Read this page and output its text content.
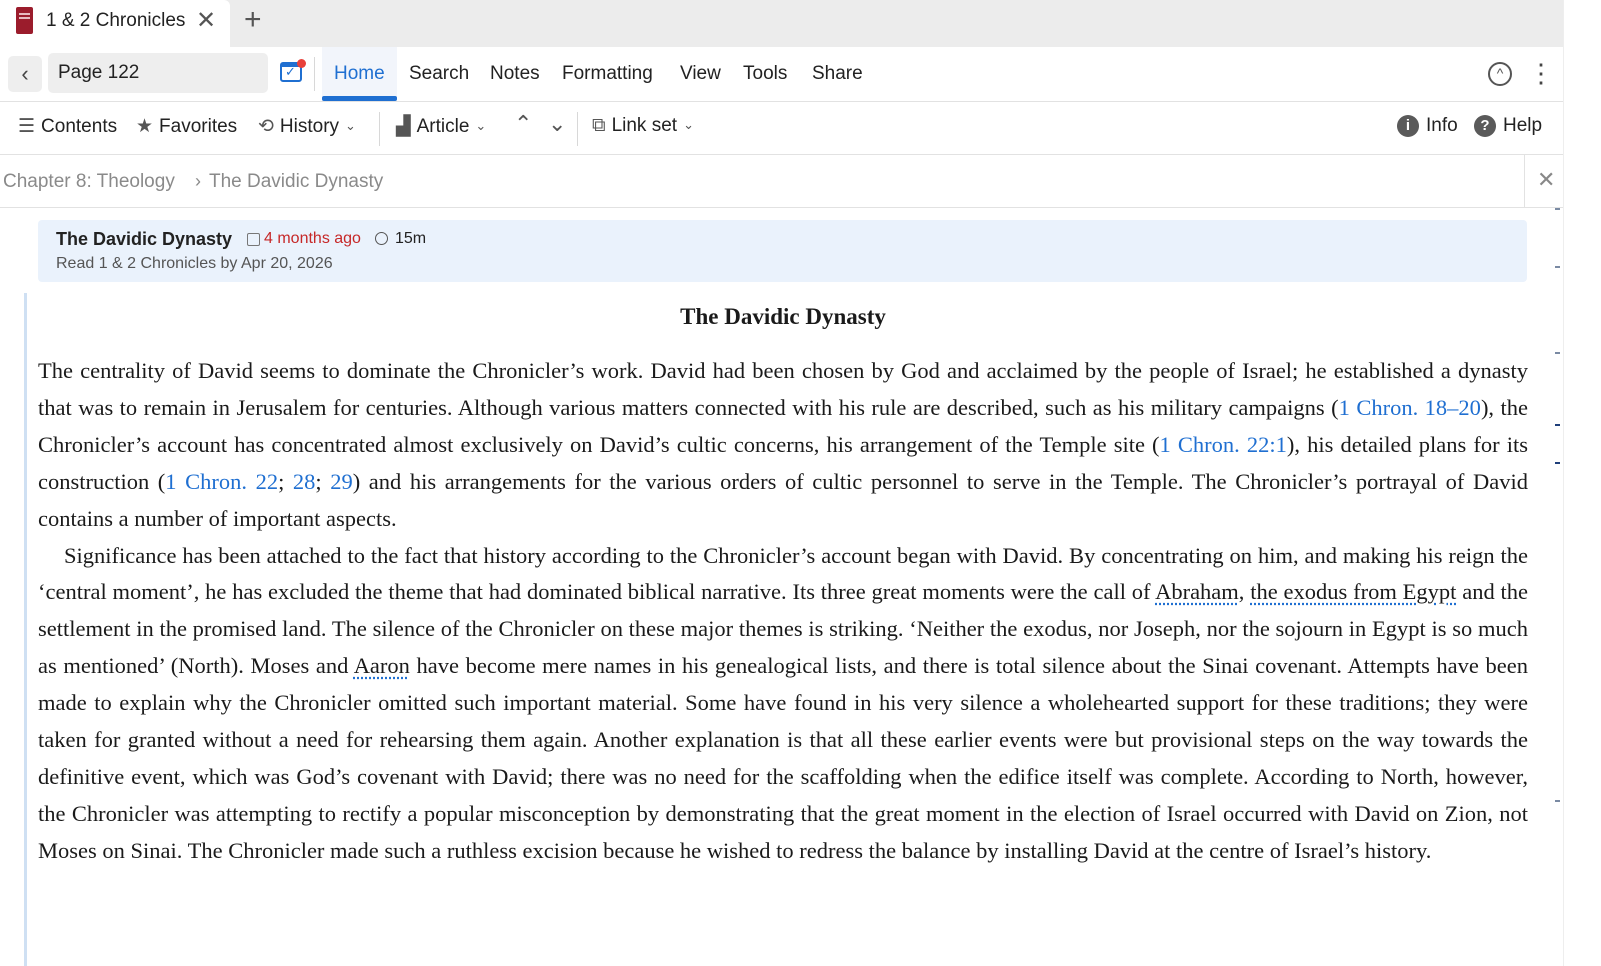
1 & 2 Chronicles ✕ +
‹
Page 122
✓	Home Search Notes Formatting View Tools Share	^ ⋮
☰ Contents ★ Favorites ⟲ History ⌄ ▟ Article ⌄ ⌃ ⌄ ⧉ Link set ⌄	i Info	? Help
Chapter 8: Theology › The Davidic Dynasty	✕
The Davidic Dynasty 4 months ago 15m
Read 1 & 2 Chronicles by Apr 20, 2026
The Davidic Dynasty

The centrality of David seems to dominate the Chronicler’s work. David had been chosen by God and acclaimed by the people of Israel; he established a dynasty that was to remain in Jerusalem for centuries. Although various matters connected with his rule are described, such as his military campaigns (1 Chron. 18–20), the Chronicler’s account has concentrated almost exclusively on David’s cultic concerns, his arrangement of the Temple site (1 Chron. 22:1), his detailed plans for its construction (1 Chron. 22; 28; 29) and his arrangements for the various orders of cultic personnel to serve in the Temple. The Chronicler’s portrayal of David contains a number of important aspects.

Significance has been attached to the fact that history according to the Chronicler’s account began with David. By concentrating on him, and making his reign the ‘central moment’, he has excluded the theme that had dominated biblical narrative. Its three great moments were the call of Abraham, the exodus from Egypt and the settlement in the promised land. The silence of the Chronicler on these major themes is striking. ‘Neither the exodus, nor Joseph, nor the sojourn in Egypt is so much as mentioned’ (North). Moses and Aaron have become mere names in his genealogical lists, and there is total silence about the Sinai covenant. Attempts have been made to explain why the Chronicler omitted such important material. Some have found in his very silence a wholehearted support for these traditions; they were taken for granted without a need for rehearsing them again. Another explanation is that all these earlier events were but provisional steps on the way towards the definitive event, which was God’s covenant with David; there was no need for the scaffolding when the edifice itself was complete. According to North, however, the Chronicler was attempting to rectify a popular misconception by demonstrating that the great moment in the election of Israel occurred with David on Zion, not Moses on Sinai. The Chronicler made such a ruthless excision because he wished to redress the balance by installing David at the centre of Israel’s history.
